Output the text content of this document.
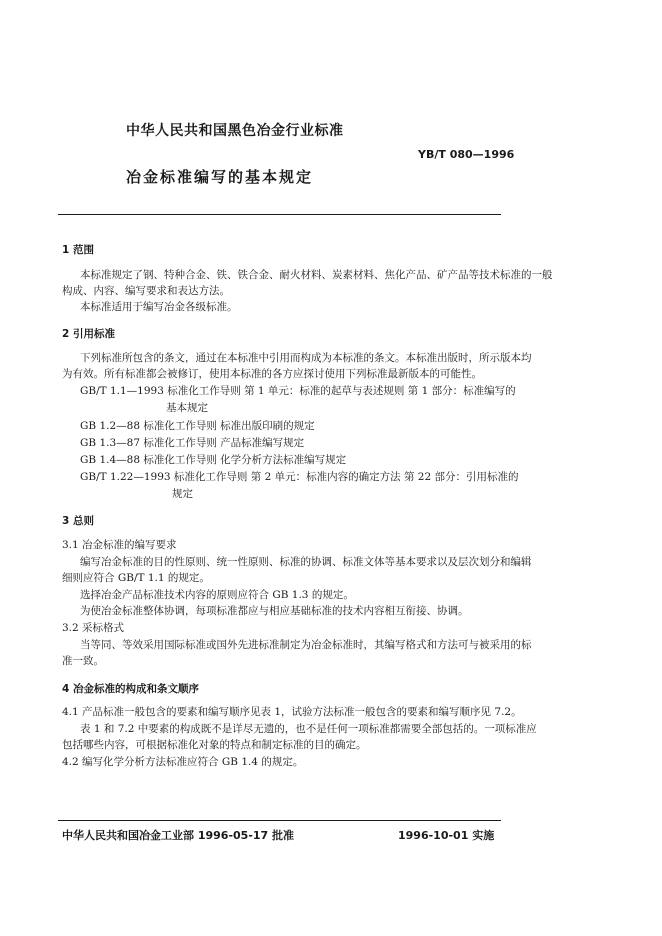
中华人民共和国黑色冶金行业标准
YB/T 080—1996
冶金标准编写的基本规定
1 范围
本标准规定了钢、特种合金、铁、铁合金、耐火材料、炭素材料、焦化产品、矿产品等技术标准的一般
构成、内容、编写要求和表达方法。
本标准适用于编写冶金各级标准。
2 引用标准
下列标准所包含的条文，通过在本标准中引用而构成为本标准的条文。本标准出版时，所示版本均
为有效。所有标准都会被修订，使用本标准的各方应探讨使用下列标准最新版本的可能性。
GB/T 1.1—1993 标准化工作导则 第 1 单元：标准的起草与表述规则 第 1 部分：标准编写的
基本规定
GB 1.2—88 标准化工作导则 标准出版印刷的规定
GB 1.3—87 标准化工作导则 产品标准编写规定
GB 1.4—88 标准化工作导则 化学分析方法标准编写规定
GB/T 1.22—1993 标准化工作导则 第 2 单元：标准内容的确定方法 第 22 部分：引用标准的
规定
3 总则
3.1 冶金标准的编写要求
编写冶金标准的目的性原则、统一性原则、标准的协调、标准文体等基本要求以及层次划分和编辑
细则应符合 GB/T 1.1 的规定。
选择冶金产品标准技术内容的原则应符合 GB 1.3 的规定。
为使冶金标准整体协调，每项标准都应与相应基础标准的技术内容相互衔接、协调。
3.2 采标格式
当等同、等效采用国际标准或国外先进标准制定为冶金标准时，其编写格式和方法可与被采用的标
准一致。
4 冶金标准的构成和条文顺序
4.1 产品标准一般包含的要素和编写顺序见表 1，试验方法标准一般包含的要素和编写顺序见 7.2。
表 1 和 7.2 中要素的构成既不是详尽无遗的，也不是任何一项标准都需要全部包括的。一项标准应
包括哪些内容，可根据标准化对象的特点和制定标准的目的确定。
4.2 编写化学分析方法标准应符合 GB 1.4 的规定。
中华人民共和国冶金工业部 1996-05-17 批准	1996-10-01 实施
